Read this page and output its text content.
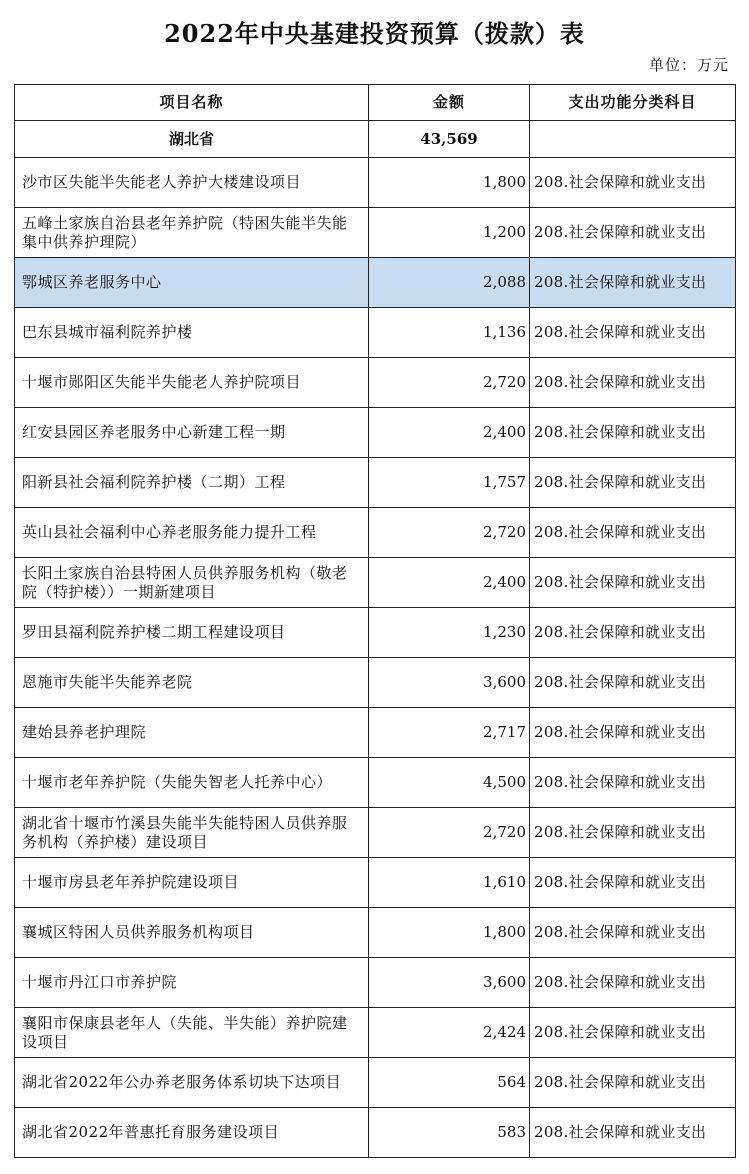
2022年中央基建投资预算（拨款）表
单位：万元
项目名称	金额	支出功能分类科目
湖北省	43,569	
沙市区失能半失能老人养护大楼建设项目	1,800	208.社会保障和就业支出
五峰土家族自治县老年养护院（特困失能半失能集中供养护理院）	1,200	208.社会保障和就业支出
鄂城区养老服务中心	2,088	208.社会保障和就业支出
巴东县城市福利院养护楼	1,136	208.社会保障和就业支出
十堰市郧阳区失能半失能老人养护院项目	2,720	208.社会保障和就业支出
红安县园区养老服务中心新建工程一期	2,400	208.社会保障和就业支出
阳新县社会福利院养护楼（二期）工程	1,757	208.社会保障和就业支出
英山县社会福利中心养老服务能力提升工程	2,720	208.社会保障和就业支出
长阳土家族自治县特困人员供养服务机构（敬老院（特护楼））一期新建项目	2,400	208.社会保障和就业支出
罗田县福利院养护楼二期工程建设项目	1,230	208.社会保障和就业支出
恩施市失能半失能养老院	3,600	208.社会保障和就业支出
建始县养老护理院	2,717	208.社会保障和就业支出
十堰市老年养护院（失能失智老人托养中心）	4,500	208.社会保障和就业支出
湖北省十堰市竹溪县失能半失能特困人员供养服务机构（养护楼）建设项目	2,720	208.社会保障和就业支出
十堰市房县老年养护院建设项目	1,610	208.社会保障和就业支出
襄城区特困人员供养服务机构项目	1,800	208.社会保障和就业支出
十堰市丹江口市养护院	3,600	208.社会保障和就业支出
襄阳市保康县老年人（失能、半失能）养护院建设项目	2,424	208.社会保障和就业支出
湖北省2022年公办养老服务体系切块下达项目	564	208.社会保障和就业支出
湖北省2022年普惠托育服务建设项目	583	208.社会保障和就业支出
